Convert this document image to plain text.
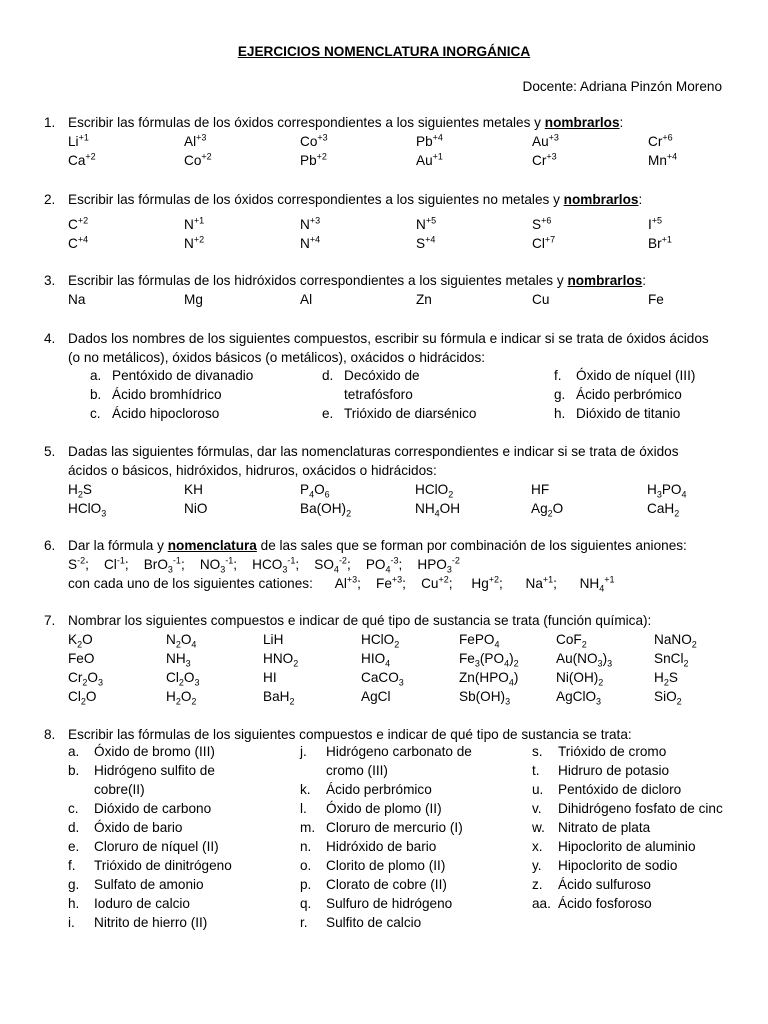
EJERCICIOS NOMENCLATURA INORGÁNICA
Docente: Adriana Pinzón Moreno
1. Escribir las fórmulas de los óxidos correspondientes a los siguientes metales y nombrarlos:
$Li^{+1}$	$Al^{+3}$	$Co^{+3}$	$Pb^{+4}$	$Au^{+3}$	$Cr^{+6}$
$Ca^{+2}$	$Co^{+2}$	$Pb^{+2}$	$Au^{+1}$	$Cr^{+3}$	$Mn^{+4}$
2. Escribir las fórmulas de los óxidos correspondientes a los siguientes no metales y nombrarlos:
$C^{+2}$	$N^{+1}$	$N^{+3}$	$N^{+5}$	$S^{+6}$	$I^{+5}$
$C^{+4}$	$N^{+2}$	$N^{+4}$	$S^{+4}$	$Cl^{+7}$	$Br^{+1}$
3. Escribir las fórmulas de los hidróxidos correspondientes a los siguientes metales y nombrarlos:
Na	Mg	Al	Zn	Cu	Fe
4. Dados los nombres de los siguientes compuestos, escribir su fórmula e indicar si se trata de óxidos ácidos
(o no metálicos), óxidos básicos (o metálicos), oxácidos o hidrácidos:
a. Pentóxido de divanadio
b. Ácido bromhídrico
c. Ácido hipocloroso
d. Decóxido de
tetrafósforo
e. Trióxido de diarsénico
f. Óxido de níquel (III)
g. Ácido perbrómico
h. Dióxido de titanio
5. Dadas las siguientes fórmulas, dar las nomenclaturas correspondientes e indicar si se trata de óxidos
ácidos o básicos, hidróxidos, hidruros, oxácidos o hidrácidos:
$H_2S$	KH	$P_4O_6$	HClO$_2$	HF	$H_3PO_4$
HClO$_3$	NiO	$Ba(OH)_2$	$NH_4OH$	$Ag_2O$	CaH$_2$
6. Dar la fórmula y nomenclatura de las sales que se forman por combinación de los siguientes aniones:
$S^{-2}$; $Cl^{-1}$; BrO$_3^{-1}$; $NO_3^{-1}$; $HCO_3^{-1}$; $SO_4^{-2}$; $PO_4^{-3}$; $HPO_3^{-2}$
con cada uno de los siguientes cationes: $Al^{+3}$; $Fe^{+3}$; $Cu^{+2}$; $Hg^{+2}$; $Na^{+1}$; $NH_4^{+1}$
7. Nombrar los siguientes compuestos e indicar de qué tipo de sustancia se trata (función química):
$K_2O$	$N_2O_4$	LiH	HClO$_2$	FePO$_4$	CoF$_2$	NaNO$_2$
FeO	$NH_3$	$HNO_2$	$HIO_4$	$Fe_3(PO_4)_2$	$Au(NO_3)_3$	SnCl$_2$
$Cr_2O_3$	$Cl_2O_3$	HI	CaCO$_3$	$Zn(HPO_4)$	$Ni(OH)_2$	$H_2S$
$Cl_2O$	$H_2O_2$	BaH$_2$	AgCl	$Sb(OH)_3$	AgClO$_3$	SiO$_2$
8. Escribir las fórmulas de los siguientes compuestos e indicar de qué tipo de sustancia se trata:
a. Óxido de bromo (III)
b. Hidrógeno sulfito de
cobre(II)
c. Dióxido de carbono
d. Óxido de bario
e. Cloruro de níquel (II)
f. Trióxido de dinitrógeno
g. Sulfato de amonio
h. Ioduro de calcio
i. Nitrito de hierro (II)
j. Hidrógeno carbonato de
cromo (III)
k. Ácido perbrómico
l. Óxido de plomo (II)
m. Cloruro de mercurio (I)
n. Hidróxido de bario
o. Clorito de plomo (II)
p. Clorato de cobre (II)
q. Sulfuro de hidrógeno
r. Sulfito de calcio
s. Trióxido de cromo
t. Hidruro de potasio
u. Pentóxido de dicloro
v. Dihidrógeno fosfato de cinc
w. Nitrato de plata
x. Hipoclorito de aluminio
y. Hipoclorito de sodio
z. Ácido sulfuroso
aa. Ácido fosforoso
